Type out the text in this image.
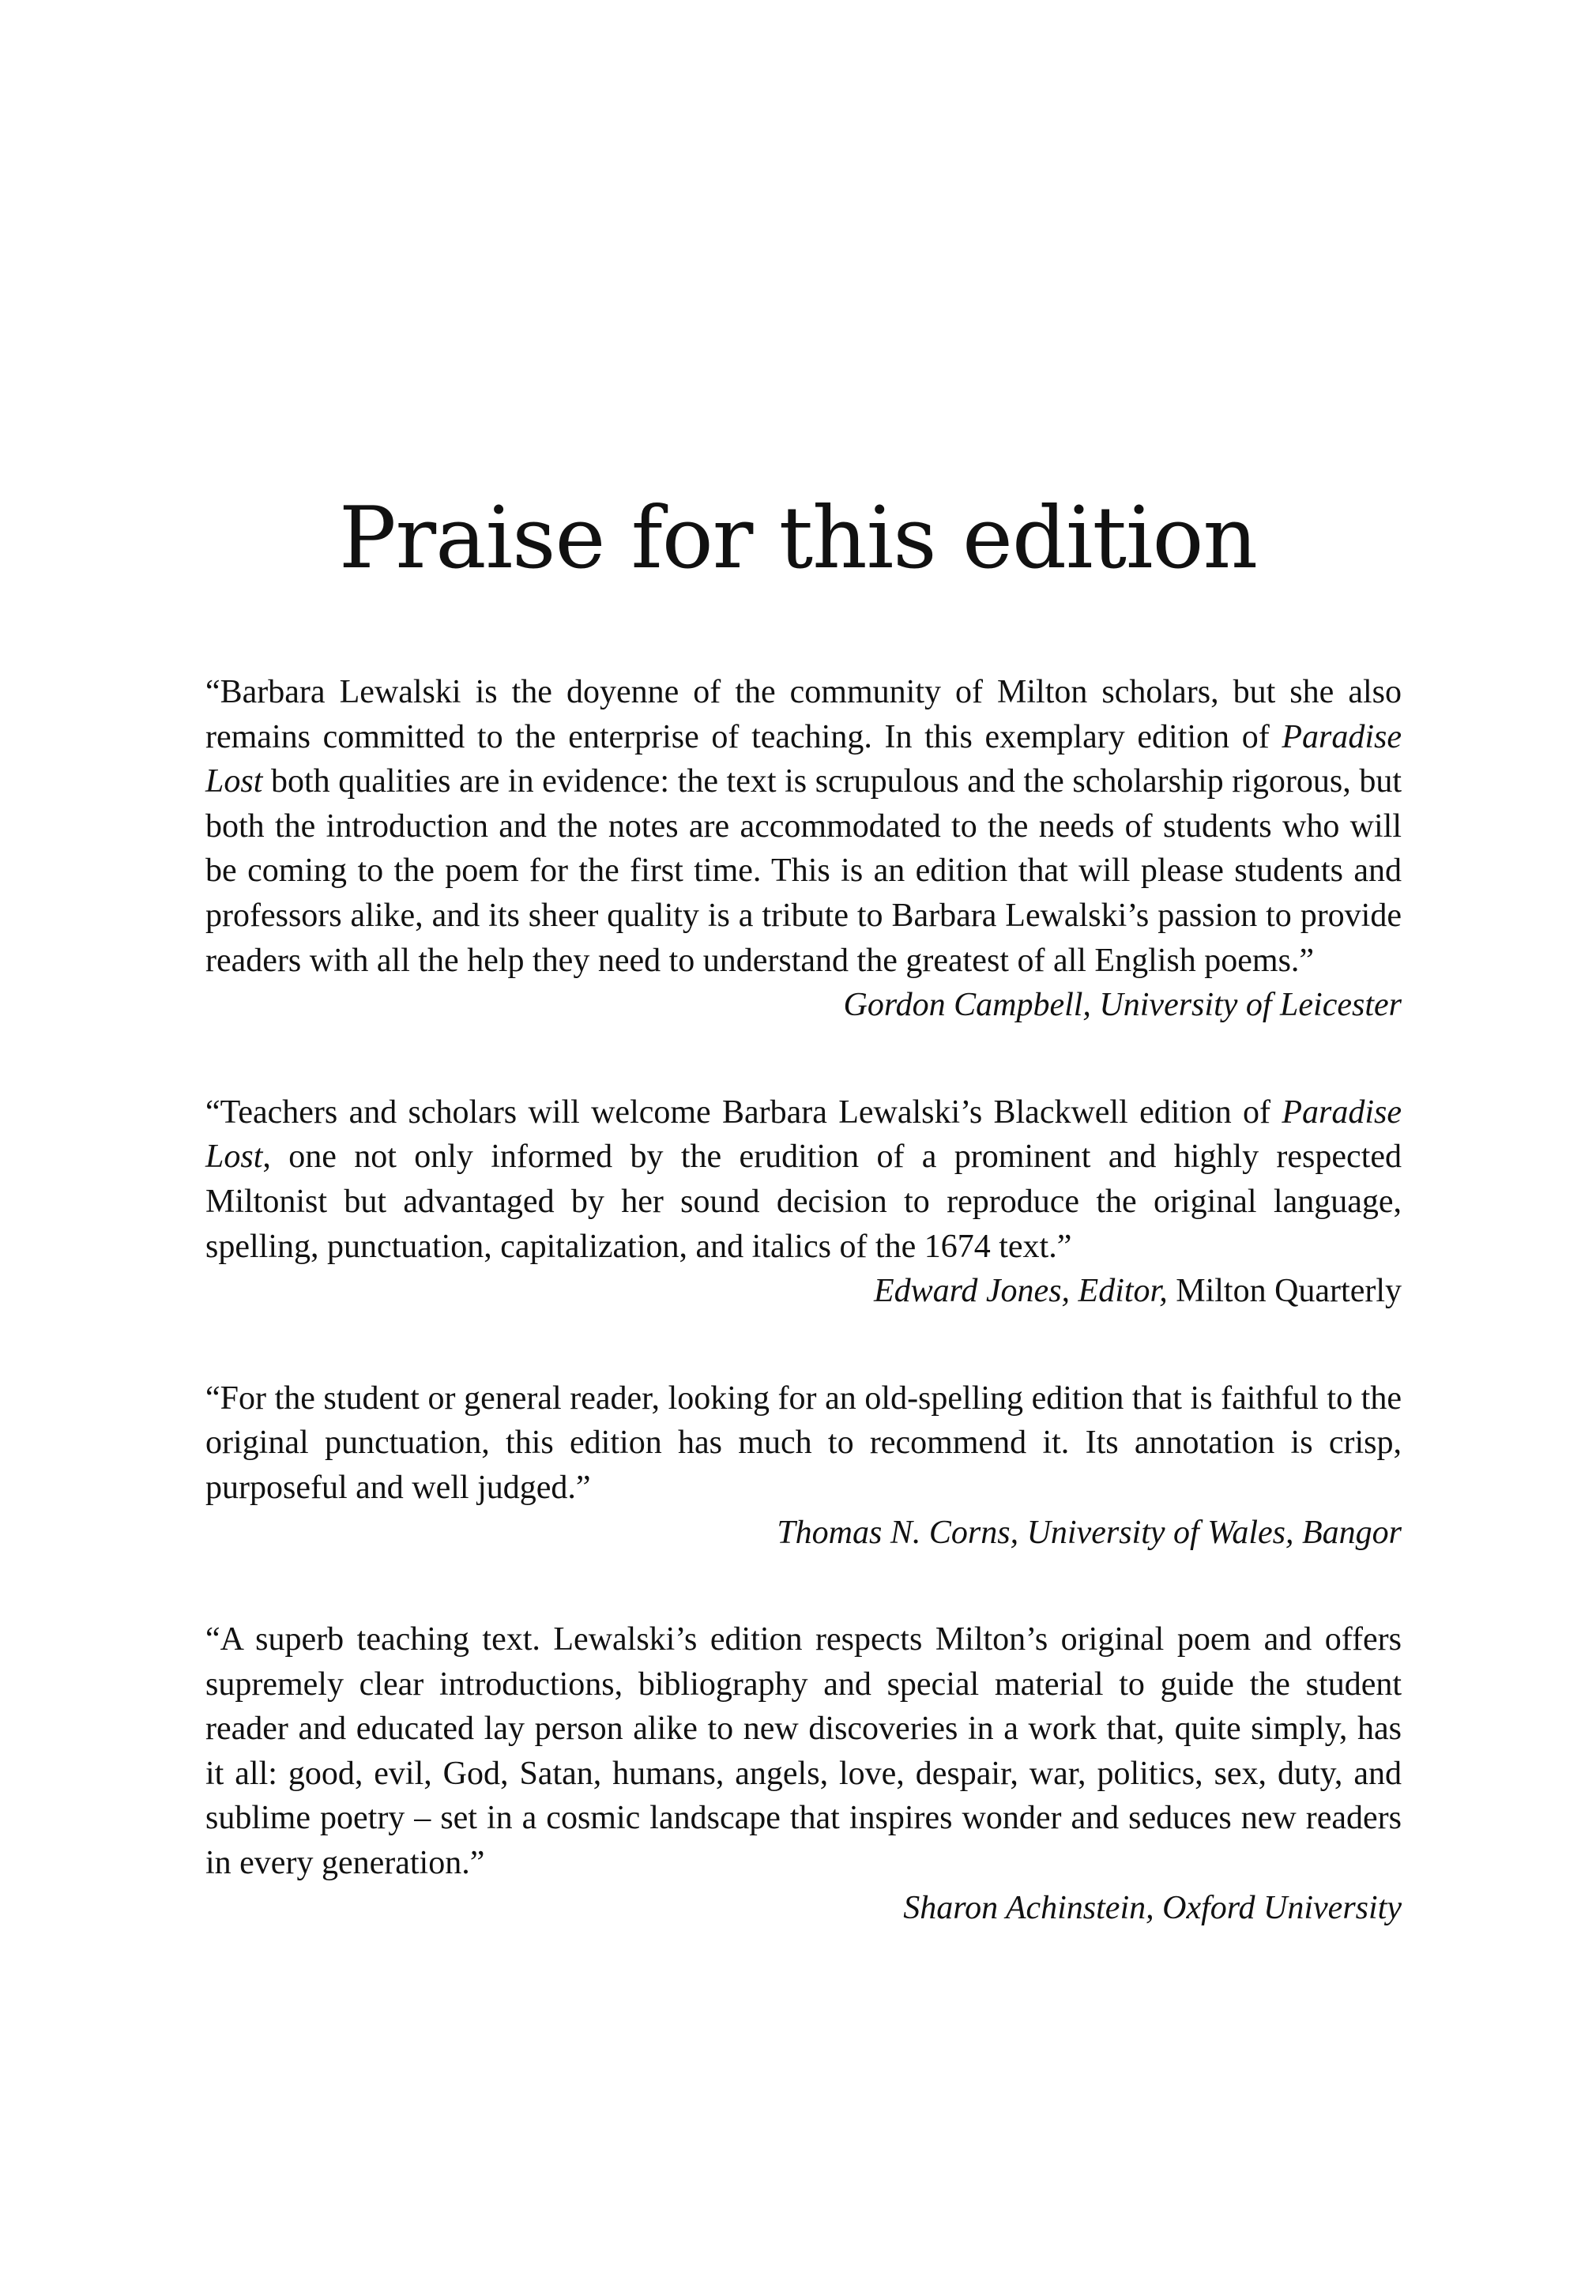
Praise for this edition

“Barbara Lewalski is the doyenne of the community of Milton scholars, but she also remains committed to the enterprise of teaching. In this exemplary edition of Paradise Lost both qualities are in evidence: the text is scrupulous and the scholarship rigorous, but both the introduction and the notes are accommodated to the needs of students who will be coming to the poem for the first time. This is an edition that will please students and professors alike, and its sheer quality is a tribute to Barbara Lewalski’s passion to provide readers with all the help they need to understand the greatest of all English poems.”

Gordon Campbell, University of Leicester

“Teachers and scholars will welcome Barbara Lewalski’s Blackwell edition of Paradise Lost, one not only informed by the erudition of a prominent and highly respected Miltonist but advantaged by her sound decision to reproduce the original language, spelling, punctuation, capitalization, and italics of the 1674 text.”

Edward Jones, Editor, Milton Quarterly

“For the student or general reader, looking for an old-spelling edition that is faithful to the original punctuation, this edition has much to recommend it. Its annotation is crisp, purposeful and well judged.”

Thomas N. Corns, University of Wales, Bangor

“A superb teaching text. Lewalski’s edition respects Milton’s original poem and offers supremely clear introductions, bibliography and special material to guide the student reader and educated lay person alike to new discoveries in a work that, quite simply, has it all: good, evil, God, Satan, humans, angels, love, despair, war, politics, sex, duty, and sublime poetry – set in a cosmic landscape that inspires wonder and seduces new readers in every generation.”

Sharon Achinstein, Oxford University
